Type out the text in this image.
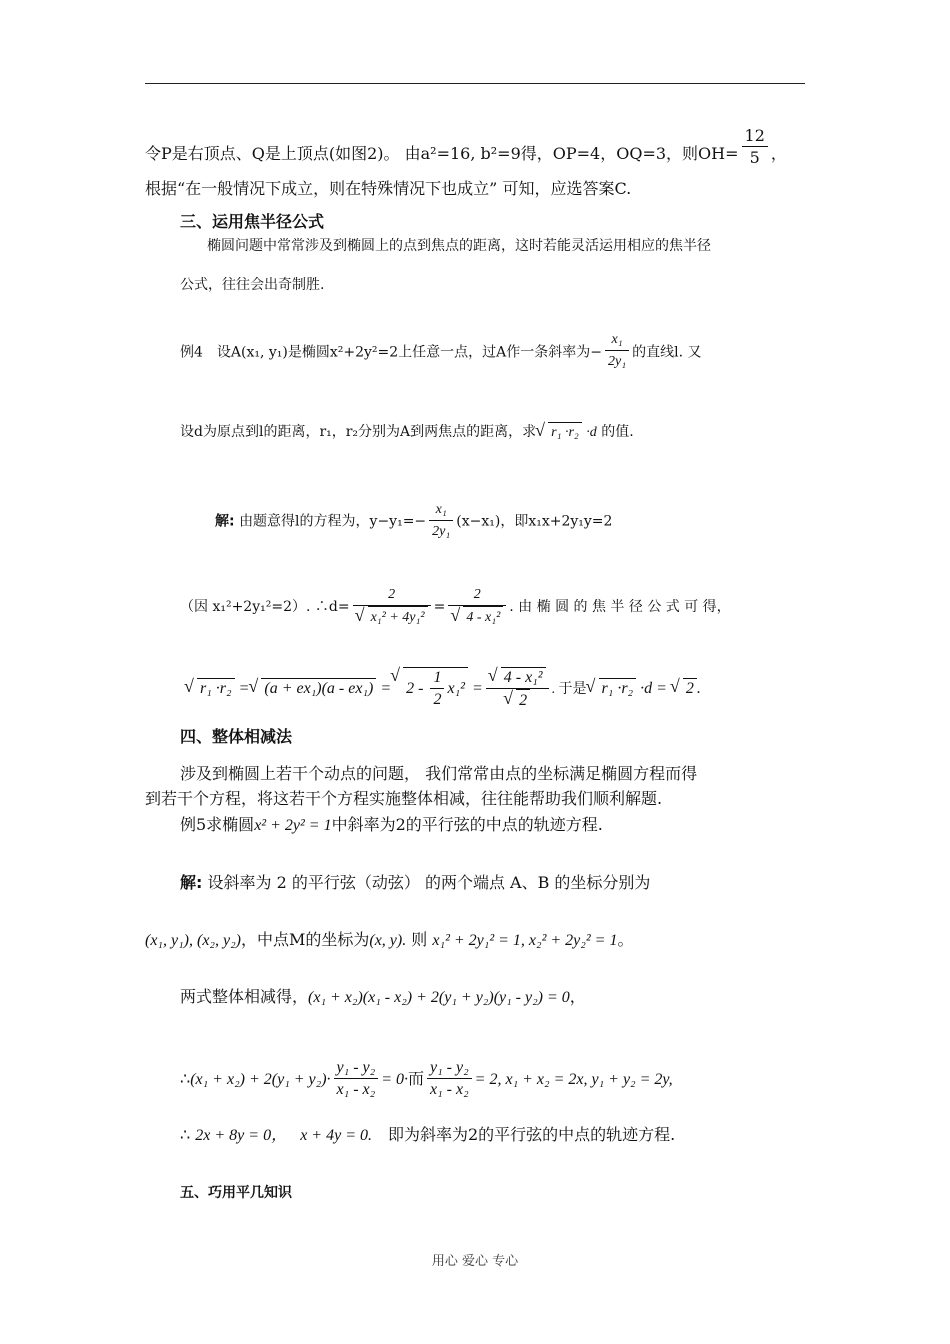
令P是右顶点、Q是上顶点(如图2)。 由a²=16, b²=9得，OP=4，OQ=3，则$OH= \frac{12}{5}$ ，
根据“在一般情况下成立，则在特殊情况下也成立” 可知，应选答案C.
三、运用焦半径公式
椭圆问题中常常涉及到椭圆上的点到焦点的距离，这时若能灵活运用相应的焦半径
公式，往往会出奇制胜.
例4　设A(x₁, y₁)是椭圆x²+2y²=2上任意一点，过A作一条斜率为− $\frac{\text{x₁}}{\text{2y₁}}$ 的直线l. 又
设d为原点到l的距离，r₁，r₂分别为A到两焦点的距离，求 √ r₁ ·r₂ ·d 的值.
解: 由题意得l的方程为，$y-y_1=- \frac{\text{x₁}}{\text{2y₁}} (x-x_1)$，即x₁x+2y₁y=2
（因 x₁²+2y₁²=2）. ∴d= 2
√ x₁² + 4y₁² = 2
√ 4 - x₁² . 由 椭 圆 的 焦 半 径 公 式 可 得，
√ r₁ ·r₂ = √ (a + ex₁)(a - ex₁) = √ $2 - \frac{1}{2} x_1^2$ = √ 4 - x₁²
√ 2 . 于是 √ r₁ ·r₂ ·d = √ 2 .
四、整体相减法
涉及到椭圆上若干个动点的问题， 我们常常由点的坐标满足椭圆方程而得
到若干个方程，将这若干个方程实施整体相减，往往能帮助我们顺利解题.
例5求椭圆x² + 2y² = 1中斜率为2的平行弦的中点的轨迹方程.
解: 设斜率为 2 的平行弦（动弦） 的两个端点 A、B 的坐标分别为
(x₁, y₁), (x₂, y₂)，中点M的坐标为(x, y). 则 x₁² + 2y₁² = 1, x₂² + 2y₂² = 1。
两式整体相减得，(x₁ + x₂)(x₁ - x₂) + 2(y₁ + y₂)(y₁ - y₂) = 0，
∴(x₁ + $x_2) + 2(y_1 + y_2)\cdot \frac{\text{y₁ - y₂}}{\text{x₁ - x₂}} = 0\cdot$而 $\frac{\text{y₁ - y₂}}{\text{x₁ - x₂}} = 2$, x₁ + x₂ = 2x, y₁ + y₂ = 2y,
∴ 2x + 8y = 0，　 x + 4y = 0.　 即为斜率为2的平行弦的中点的轨迹方程.
五、巧用平几知识
用心 爱心 专心
